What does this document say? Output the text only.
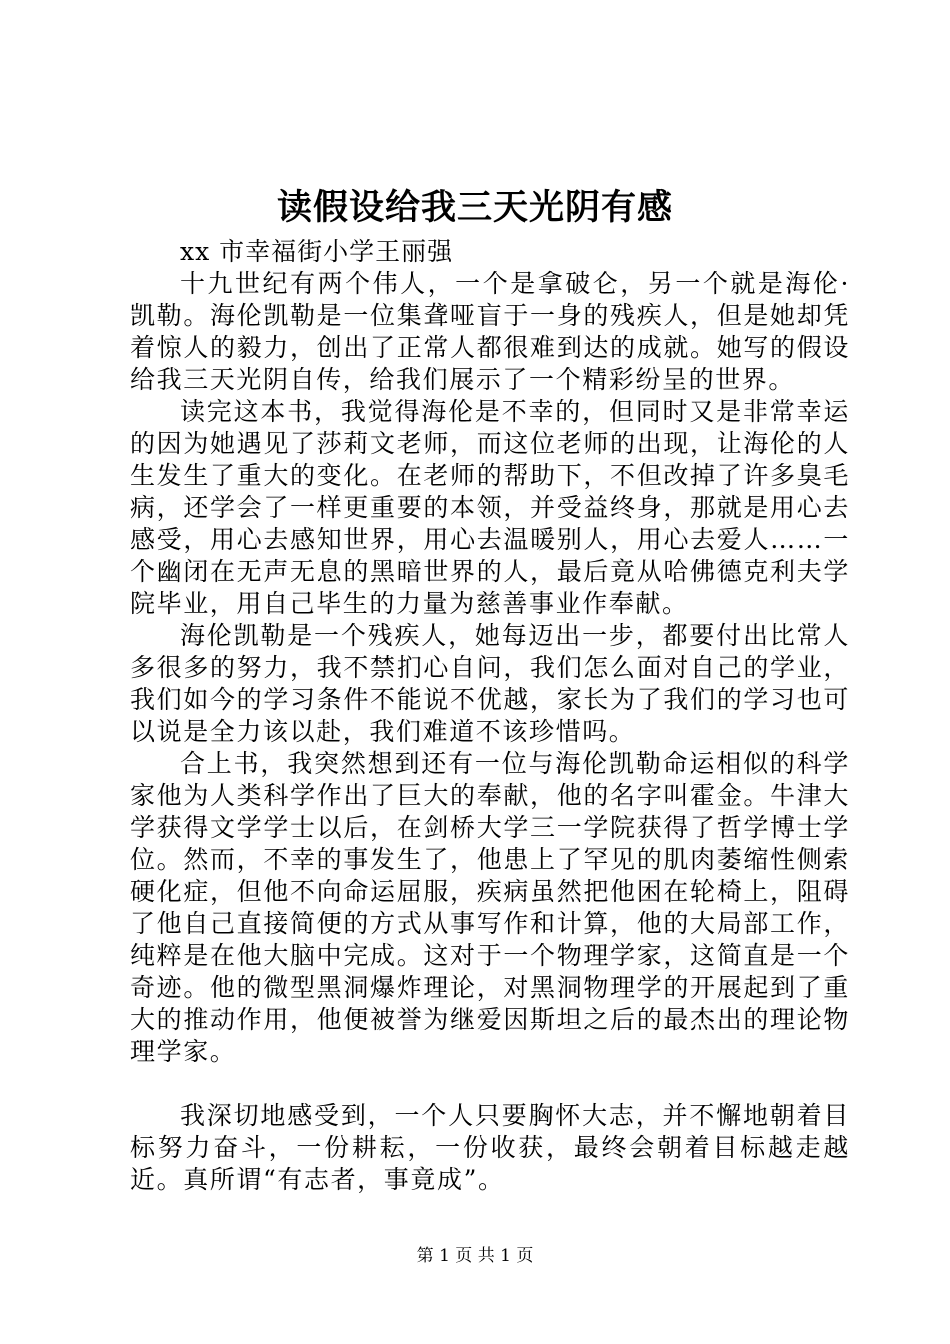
读假设给我三天光阴有感

xx 市幸福街小学王丽强

十九世纪有两个伟人，一个是拿破仑，另一个就是海伦·凯勒。海伦凯勒是一位集聋哑盲于一身的残疾人，但是她却凭着惊人的毅力，创出了正常人都很难到达的成就。她写的假设给我三天光阴自传，给我们展示了一个精彩纷呈的世界。

读完这本书，我觉得海伦是不幸的，但同时又是非常幸运的因为她遇见了莎莉文老师，而这位老师的出现，让海伦的人生发生了重大的变化。在老师的帮助下，不但改掉了许多臭毛病，还学会了一样更重要的本领，并受益终身，那就是用心去感受，用心去感知世界，用心去温暖别人，用心去爱人……一个幽闭在无声无息的黑暗世界的人，最后竟从哈佛德克利夫学院毕业，用自己毕生的力量为慈善事业作奉献。

海伦凯勒是一个残疾人，她每迈出一步，都要付出比常人多很多的努力，我不禁扪心自问，我们怎么面对自己的学业，我们如今的学习条件不能说不优越，家长为了我们的学习也可以说是全力该以赴，我们难道不该珍惜吗。

合上书，我突然想到还有一位与海伦凯勒命运相似的科学家他为人类科学作出了巨大的奉献，他的名字叫霍金。牛津大学获得文学学士以后，在剑桥大学三一学院获得了哲学博士学位。然而，不幸的事发生了，他患上了罕见的肌肉萎缩性侧索硬化症，但他不向命运屈服，疾病虽然把他困在轮椅上，阻碍了他自己直接简便的方式从事写作和计算，他的大局部工作，纯粹是在他大脑中完成。这对于一个物理学家，这简直是一个奇迹。他的微型黑洞爆炸理论，对黑洞物理学的开展起到了重大的推动作用，他便被誉为继爱因斯坦之后的最杰出的理论物理学家。

我深切地感受到，一个人只要胸怀大志，并不懈地朝着目标努力奋斗，一份耕耘，一份收获，最终会朝着目标越走越近。真所谓“有志者，事竟成”。

第 1 页 共 1 页
